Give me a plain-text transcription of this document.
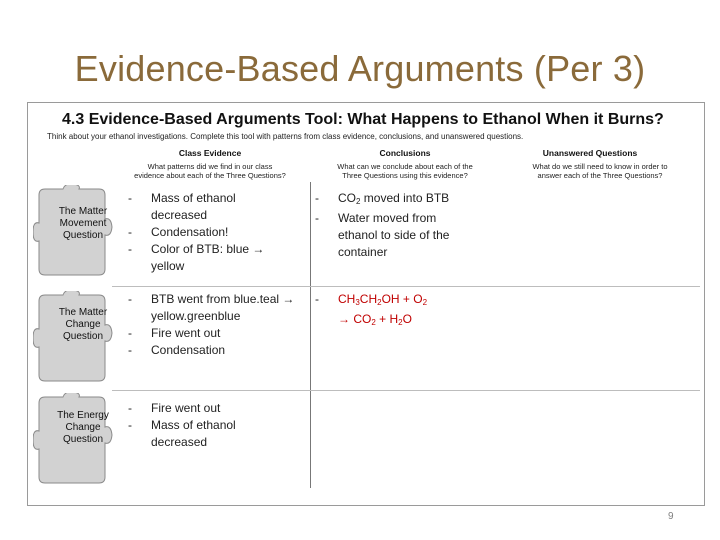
Evidence-Based Arguments (Per 3)
4.3 Evidence-Based Arguments Tool: What Happens to Ethanol When it Burns?
Think about your ethanol investigations. Complete this tool with patterns from class evidence, conclusions, and unanswered questions.
Class Evidence
What patterns did we find in our class
evidence about each of the Three Questions?
Conclusions
What can we conclude about each of the
Three Questions using this evidence?
Unanswered Questions
What do we still need to know in order to
answer each of the Three Questions?
The Matter
Movement
Question
The Matter
Change
Question
The Energy
Change
Question
- Mass of ethanol decreased
- Condensation!
- Color of BTB: blue → yellow
- $CO_2$ moved into BTB
- Water moved from ethanol to side of the container
- BTB went from blue.teal → yellow.greenblue
- Fire went out
- Condensation
- $CH_3CH_2OH + O_2$
→ $CO_2 + H_2O$
- Fire went out
- Mass of ethanol decreased
9
